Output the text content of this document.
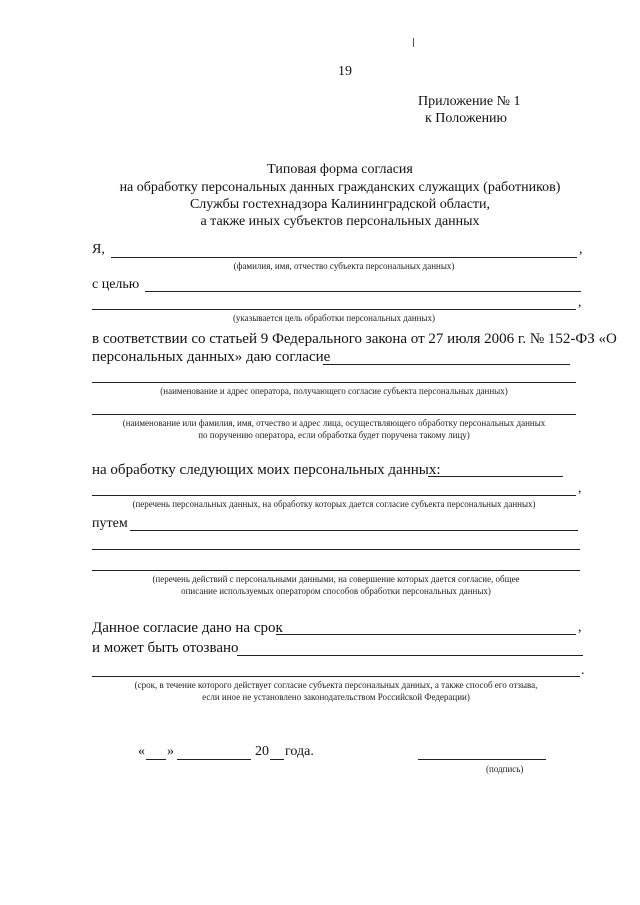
19
Приложение № 1
к Положению
Типовая форма согласия
на обработку персональных данных гражданских служащих (работников)
Службы гостехнадзора Калининградской области,
а также иных субъектов персональных данных
Я,	,
(фамилия, имя, отчество субъекта персональных данных)
с целью
,
(указывается цель обработки персональных данных)
в соответствии со статьей 9 Федерального закона от 27 июля 2006 г. № 152-ФЗ «О
персональных данных» даю согласие
(наименование и адрес оператора, получающего согласие субъекта персональных данных)
(наименование или фамилия, имя, отчество и адрес лица, осуществляющего обработку персональных данных
по поручению оператора, если обработка будет поручена такому лицу)
на обработку следующих моих персональных данных:
,
(перечень персональных данных, на обработку которых дается согласие субъекта персональных данных)
путем
(перечень действий с персональными данными, на совершение которых дается согласие, общее
описание используемых оператором способов обработки персональных данных)
Данное согласие дано на срок	,
и может быть отозвано
.
(срок, в течение которого действует согласие субъекта персональных данных, а также способ его отзыва,
если иное не установлено законодательством Российской Федерации)
« »	20 года.
(подпись)
